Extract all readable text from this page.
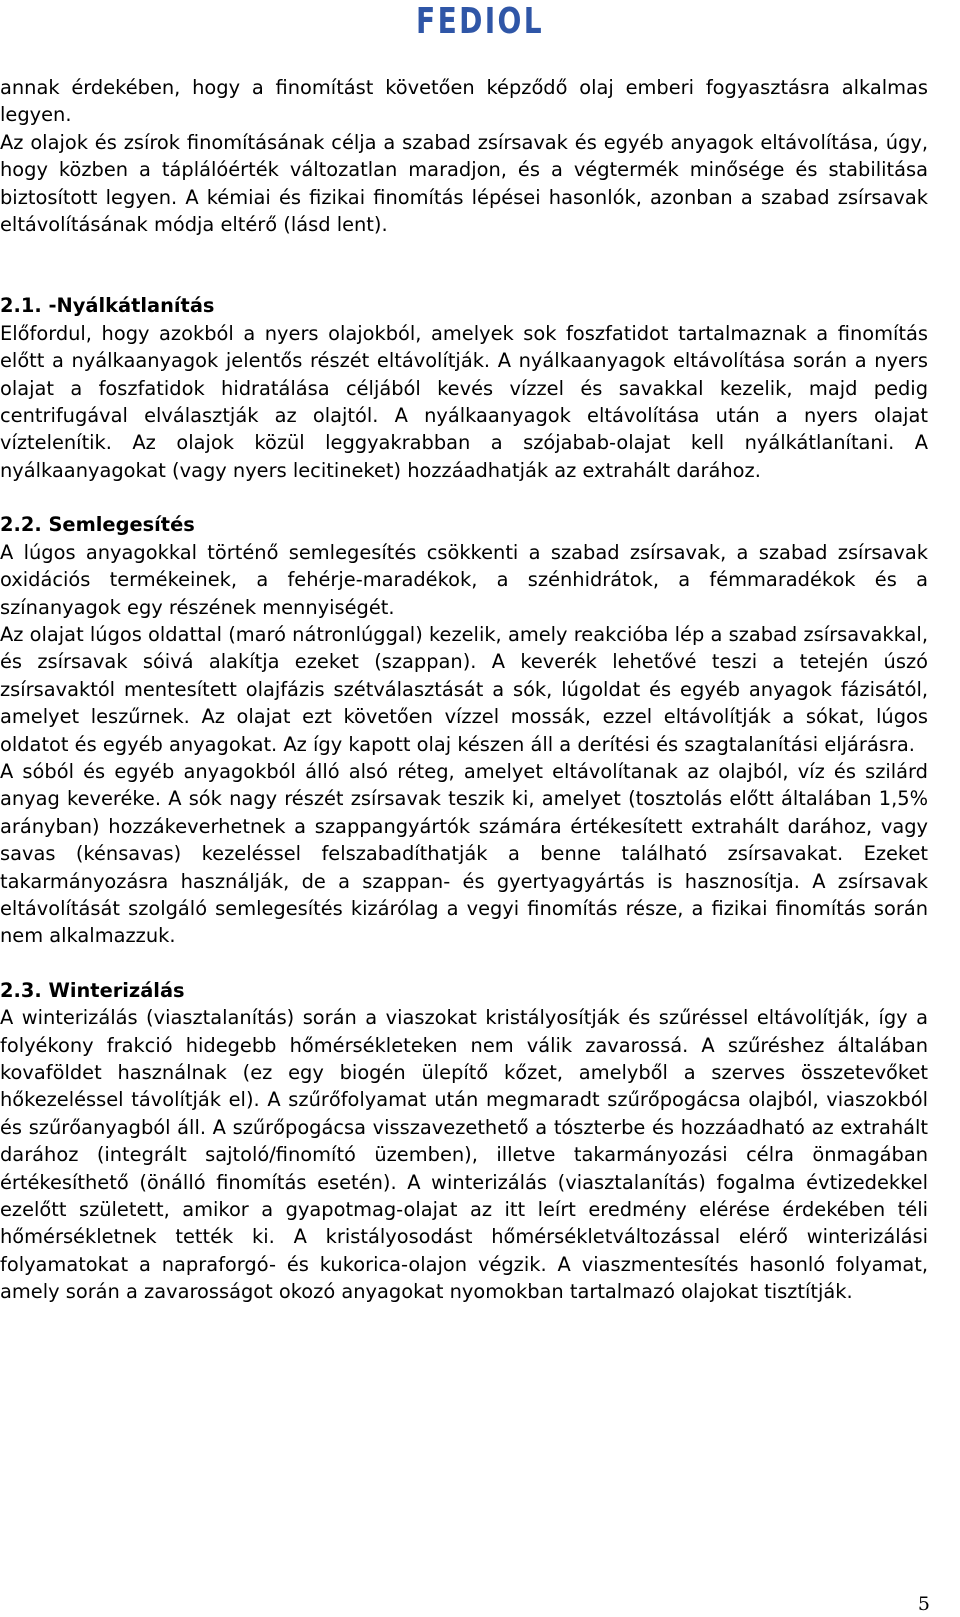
FEDIOL

annak érdekében, hogy a finomítást követően képződő olaj emberi fogyasztásra alkalmas legyen.

Az olajok és zsírok finomításának célja a szabad zsírsavak és egyéb anyagok eltávolítása, úgy, hogy közben a táplálóérték változatlan maradjon, és a végtermék minősége és stabilitása biztosított legyen. A kémiai és fizikai finomítás lépései hasonlók, azonban a szabad zsírsavak eltávolításának módja eltérő (lásd lent).

2.1. -Nyálkátlanítás

Előfordul, hogy azokból a nyers olajokból, amelyek sok foszfatidot tartalmaznak a finomítás előtt a nyálkaanyagok jelentős részét eltávolítják. A nyálkaanyagok eltávolítása során a nyers olajat a foszfatidok hidratálása céljából kevés vízzel és savakkal kezelik, majd pedig centrifugával elválasztják az olajtól. A nyálkaanyagok eltávolítása után a nyers olajat víztelenítik. Az olajok közül leggyakrabban a szójabab-olajat kell nyálkátlanítani. A nyálkaanyagokat (vagy nyers lecitineket) hozzáadhatják az extrahált darához.

2.2. Semlegesítés

A lúgos anyagokkal történő semlegesítés csökkenti a szabad zsírsavak, a szabad zsírsavak oxidációs termékeinek, a fehérje-maradékok, a szénhidrátok, a fémmaradékok és a színanyagok egy részének mennyiségét.

Az olajat lúgos oldattal (maró nátronlúggal) kezelik, amely reakcióba lép a szabad zsírsavakkal, és zsírsavak sóivá alakítja ezeket (szappan). A keverék lehetővé teszi a tetején úszó zsírsavaktól mentesített olajfázis szétválasztását a sók, lúgoldat és egyéb anyagok fázisától, amelyet leszűrnek. Az olajat ezt követően vízzel mossák, ezzel eltávolítják a sókat, lúgos oldatot és egyéb anyagokat. Az így kapott olaj készen áll a derítési és szagtalanítási eljárásra.

A sóból és egyéb anyagokból álló alsó réteg, amelyet eltávolítanak az olajból, víz és szilárd anyag keveréke. A sók nagy részét zsírsavak teszik ki, amelyet (tosztolás előtt általában 1,5% arányban) hozzákeverhetnek a szappangyártók számára értékesített extrahált darához, vagy savas (kénsavas) kezeléssel felszabadíthatják a benne található zsírsavakat. Ezeket takarmányozásra használják, de a szappan- és gyertyagyártás is hasznosítja. A zsírsavak eltávolítását szolgáló semlegesítés kizárólag a vegyi finomítás része, a fizikai finomítás során nem alkalmazzuk.

2.3. Winterizálás

A winterizálás (viasztalanítás) során a viaszokat kristályosítják és szűréssel eltávolítják, így a folyékony frakció hidegebb hőmérsékleteken nem válik zavarossá. A szűréshez általában kovaföldet használnak (ez egy biogén ülepítő kőzet, amelyből a szerves összetevőket hőkezeléssel távolítják el). A szűrőfolyamat után megmaradt szűrőpogácsa olajból, viaszokból és szűrőanyagból áll. A szűrőpogácsa visszavezethető a tószterbe és hozzáadható az extrahált darához (integrált sajtoló/finomító üzemben), illetve takarmányozási célra önmagában értékesíthető (önálló finomítás esetén). A winterizálás (viasztalanítás) fogalma évtizedekkel ezelőtt született, amikor a gyapotmag-olajat az itt leírt eredmény elérése érdekében téli hőmérsékletnek tették ki. A kristályosodást hőmérsékletváltozással elérő winterizálási folyamatokat a napraforgó- és kukorica-olajon végzik. A viaszmentesítés hasonló folyamat, amely során a zavarosságot okozó anyagokat nyomokban tartalmazó olajokat tisztítják.

5
